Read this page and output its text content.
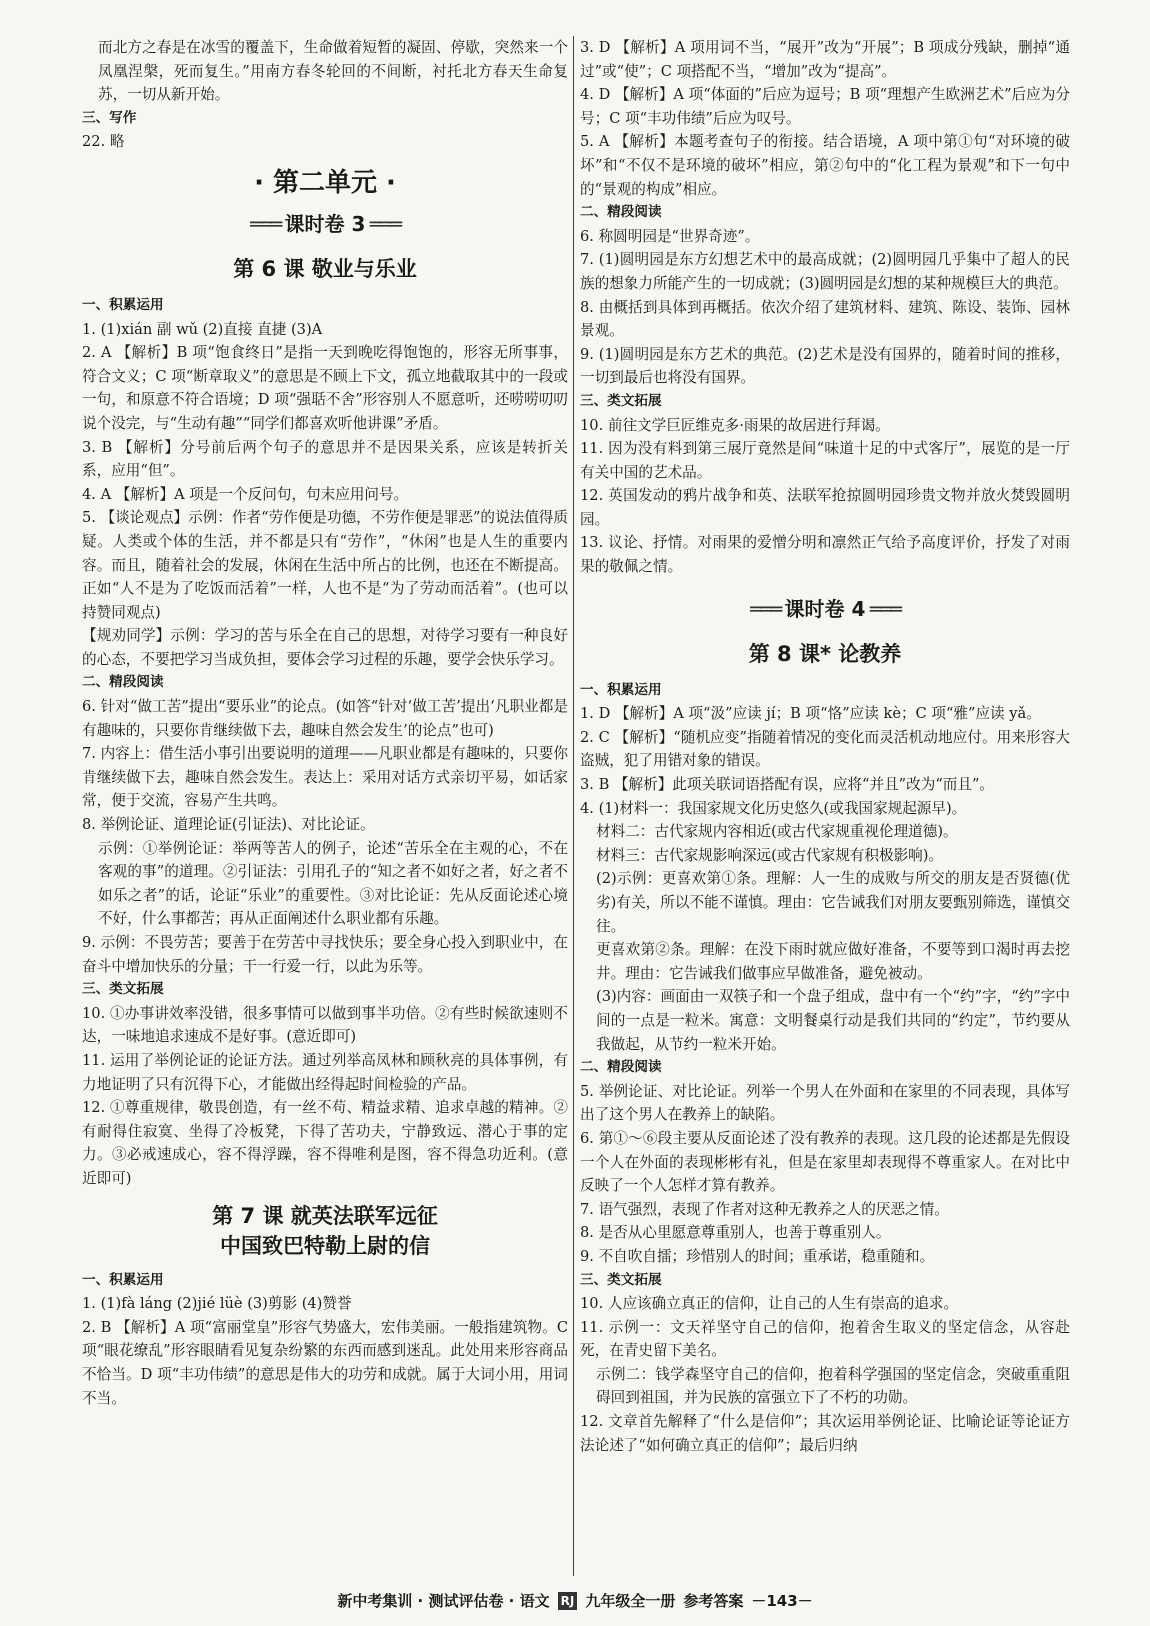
而北方之春是在冰雪的覆盖下，生命做着短暂的凝固、停歇，突然来一个凤凰涅槃，死而复生。”用南方春冬轮回的不间断，衬托北方春天生命复苏，一切从新开始。

三、写作

22. 略

· 第二单元 ·
═══ 课时卷 3 ═══
第 6 课 敬业与乐业

一、积累运用

1. (1)xián 副 wǔ (2)直接 直捷 (3)A

2. A 【解析】B 项“饱食终日”是指一天到晚吃得饱饱的，形容无所事事，符合文义；C 项“断章取义”的意思是不顾上下文，孤立地截取其中的一段或一句，和原意不符合语境；D 项“强聒不舍”形容别人不愿意听，还唠唠叨叨说个没完，与“生动有趣”“同学们都喜欢听他讲课”矛盾。

3. B 【解析】分号前后两个句子的意思并不是因果关系，应该是转折关系，应用“但”。

4. A 【解析】A 项是一个反问句，句末应用问号。

5. 【谈论观点】示例：作者“劳作便是功德，不劳作便是罪恶”的说法值得质疑。人类或个体的生活，并不都是只有“劳作”，“休闲”也是人生的重要内容。而且，随着社会的发展，休闲在生活中所占的比例，也还在不断提高。正如“人不是为了吃饭而活着”一样，人也不是“为了劳动而活着”。(也可以持赞同观点)

【规劝同学】示例：学习的苦与乐全在自己的思想，对待学习要有一种良好的心态，不要把学习当成负担，要体会学习过程的乐趣，要学会快乐学习。

二、精段阅读

6. 针对“做工苦”提出“要乐业”的论点。(如答“针对‘做工苦’提出‘凡职业都是有趣味的，只要你肯继续做下去，趣味自然会发生’的论点”也可)

7. 内容上：借生活小事引出要说明的道理——凡职业都是有趣味的，只要你肯继续做下去，趣味自然会发生。表达上：采用对话方式亲切平易，如话家常，便于交流，容易产生共鸣。

8. 举例论证、道理论证(引证法)、对比论证。

示例：①举例论证：举两等苦人的例子，论述“苦乐全在主观的心，不在客观的事”的道理。②引证法：引用孔子的“知之者不如好之者，好之者不如乐之者”的话，论证“乐业”的重要性。③对比论证：先从反面论述心境不好，什么事都苦；再从正面阐述什么职业都有乐趣。

9. 示例：不畏劳苦；要善于在劳苦中寻找快乐；要全身心投入到职业中，在奋斗中增加快乐的分量；干一行爱一行，以此为乐等。

三、类文拓展

10. ①办事讲效率没错，很多事情可以做到事半功倍。②有些时候欲速则不达，一味地追求速成不是好事。(意近即可)

11. 运用了举例论证的论证方法。通过列举高凤林和顾秋亮的具体事例，有力地证明了只有沉得下心，才能做出经得起时间检验的产品。

12. ①尊重规律，敬畏创造，有一丝不苟、精益求精、追求卓越的精神。②有耐得住寂寞、坐得了冷板凳，下得了苦功夫，宁静致远、潜心于事的定力。③必戒速成心，容不得浮躁，容不得唯利是图，容不得急功近利。(意近即可)

第 7 课 就英法联军远征
中国致巴特勒上尉的信

一、积累运用

1. (1)fà láng (2)jié lüè (3)剪影 (4)赞誉

2. B 【解析】A 项“富丽堂皇”形容气势盛大，宏伟美丽。一般指建筑物。C 项“眼花缭乱”形容眼睛看见复杂纷繁的东西而感到迷乱。此处用来形容商品不恰当。D 项“丰功伟绩”的意思是伟大的功劳和成就。属于大词小用，用词不当。

3. D 【解析】A 项用词不当，“展开”改为“开展”；B 项成分残缺，删掉“通过”或“使”；C 项搭配不当，“增加”改为“提高”。

4. D 【解析】A 项“体面的”后应为逗号；B 项“理想产生欧洲艺术”后应为分号；C 项“丰功伟绩”后应为叹号。

5. A 【解析】本题考查句子的衔接。结合语境，A 项中第①句“对环境的破坏”和“不仅不是环境的破坏”相应，第②句中的“化工程为景观”和下一句中的“景观的构成”相应。

二、精段阅读

6. 称圆明园是“世界奇迹”。

7. (1)圆明园是东方幻想艺术中的最高成就；(2)圆明园几乎集中了超人的民族的想象力所能产生的一切成就；(3)圆明园是幻想的某种规模巨大的典范。

8. 由概括到具体到再概括。依次介绍了建筑材料、建筑、陈设、装饰、园林景观。

9. (1)圆明园是东方艺术的典范。(2)艺术是没有国界的，随着时间的推移，一切到最后也将没有国界。

三、类文拓展

10. 前往文学巨匠维克多·雨果的故居进行拜谒。

11. 因为没有料到第三展厅竟然是间“味道十足的中式客厅”，展览的是一厅有关中国的艺术品。

12. 英国发动的鸦片战争和英、法联军抢掠圆明园珍贵文物并放火焚毁圆明园。

13. 议论、抒情。对雨果的爱憎分明和凛然正气给予高度评价，抒发了对雨果的敬佩之情。

═══ 课时卷 4 ═══
第 8 课* 论教养

一、积累运用

1. D 【解析】A 项“汲”应读 jí；B 项“恪”应读 kè；C 项“雅”应读 yǎ。

2. C 【解析】“随机应变”指随着情况的变化而灵活机动地应付。用来形容大盗贼，犯了用错对象的错误。

3. B 【解析】此项关联词语搭配有误，应将“并且”改为“而且”。

4. (1)材料一：我国家规文化历史悠久(或我国家规起源早)。

材料二：古代家规内容相近(或古代家规重视伦理道德)。

材料三：古代家规影响深远(或古代家规有积极影响)。

(2)示例：更喜欢第①条。理解：人一生的成败与所交的朋友是否贤德(优劣)有关，所以不能不谨慎。理由：它告诫我们对朋友要甄别筛选，谨慎交往。

更喜欢第②条。理解：在没下雨时就应做好准备，不要等到口渴时再去挖井。理由：它告诫我们做事应早做准备，避免被动。

(3)内容：画面由一双筷子和一个盘子组成，盘中有一个“约”字，“约”字中间的一点是一粒米。寓意：文明餐桌行动是我们共同的“约定”，节约要从我做起，从节约一粒米开始。

二、精段阅读

5. 举例论证、对比论证。列举一个男人在外面和在家里的不同表现，具体写出了这个男人在教养上的缺陷。

6. 第①～⑥段主要从反面论述了没有教养的表现。这几段的论述都是先假设一个人在外面的表现彬彬有礼，但是在家里却表现得不尊重家人。在对比中反映了一个人怎样才算有教养。

7. 语气强烈，表现了作者对这种无教养之人的厌恶之情。

8. 是否从心里愿意尊重别人，也善于尊重别人。

9. 不自吹自擂；珍惜别人的时间；重承诺，稳重随和。

三、类文拓展

10. 人应该确立真正的信仰，让自己的人生有崇高的追求。

11. 示例一：文天祥坚守自己的信仰，抱着舍生取义的坚定信念，从容赴死，在青史留下美名。

示例二：钱学森坚守自己的信仰，抱着科学强国的坚定信念，突破重重阻碍回到祖国，并为民族的富强立下了不朽的功勋。

12. 文章首先解释了“什么是信仰”；其次运用举例论证、比喻论证等论证方法论述了“如何确立真正的信仰”；最后归纳

新中考集训 · 测试评估卷 · 语文 RJ 九年级全一册 参考答案 －143－
